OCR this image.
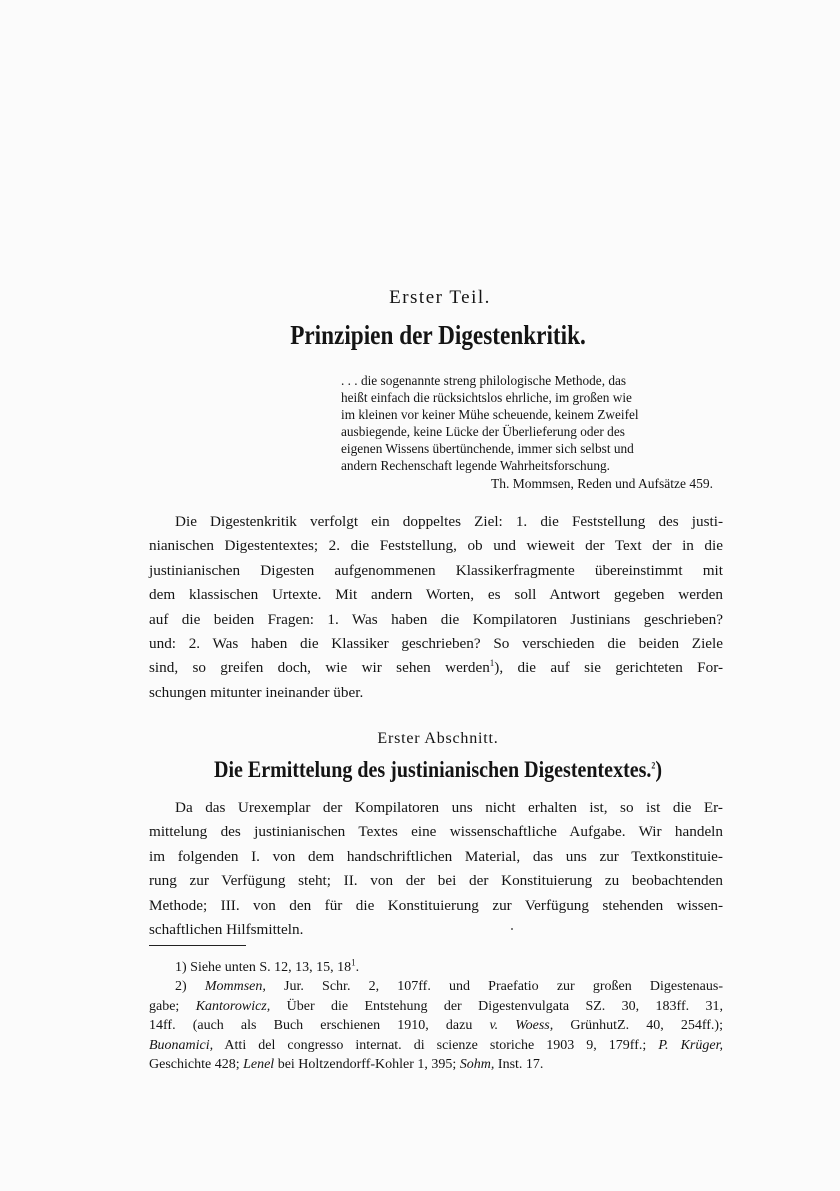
Erster Teil.
Prinzipien der Digestenkritik.
. . . die sogenannte streng philologische Methode, das
heißt einfach die rücksichtslos ehrliche, im großen wie
im kleinen vor keiner Mühe scheuende, keinem Zweifel
ausbiegende, keine Lücke der Überlieferung oder des
eigenen Wissens übertünchende, immer sich selbst und
andern Rechenschaft legende Wahrheitsforschung.
Th. Mommsen, Reden und Aufsätze 459.
Die Digestenkritik verfolgt ein doppeltes Ziel: 1. die Feststellung des justi-
nianischen Digestentextes; 2. die Feststellung, ob und wieweit der Text der in die
justinianischen Digesten aufgenommenen Klassikerfragmente übereinstimmt mit
dem klassischen Urtexte. Mit andern Worten, es soll Antwort gegeben werden
auf die beiden Fragen: 1. Was haben die Kompilatoren Justinians geschrieben?
und: 2. Was haben die Klassiker geschrieben? So verschieden die beiden Ziele
sind, so greifen doch, wie wir sehen werden$^1$), die auf sie gerichteten For-
schungen mitunter ineinander über.
Erster Abschnitt.
Die Ermittelung des justinianischen Digestentextes.$^2$)
Da das Urexemplar der Kompilatoren uns nicht erhalten ist, so ist die Er-
mittelung des justinianischen Textes eine wissenschaftliche Aufgabe. Wir handeln
im folgenden I. von dem handschriftlichen Material, das uns zur Textkonstituie-
rung zur Verfügung steht; II. von der bei der Konstituierung zu beobachtenden
Methode; III. von den für die Konstituierung zur Verfügung stehenden wissen-
schaftlichen Hilfsmitteln.
1) Siehe unten S. 12, 13, 15, $18^1$.
2) Mommsen, Jur. Schr. 2, 107ff. und Praefatio zur großen Digestenaus-
gabe; Kantorowicz, Über die Entstehung der Digestenvulgata SZ. 30, 183ff. 31,
14ff. (auch als Buch erschienen 1910, dazu v. Woess, GrünhutZ. 40, 254ff.);
Buonamici, Atti del congresso internat. di scienze storiche 1903 9, 179ff.; P. Krüger,
Geschichte 428; Lenel bei Holtzendorff-Kohler 1, 395; Sohm, Inst. 17.
